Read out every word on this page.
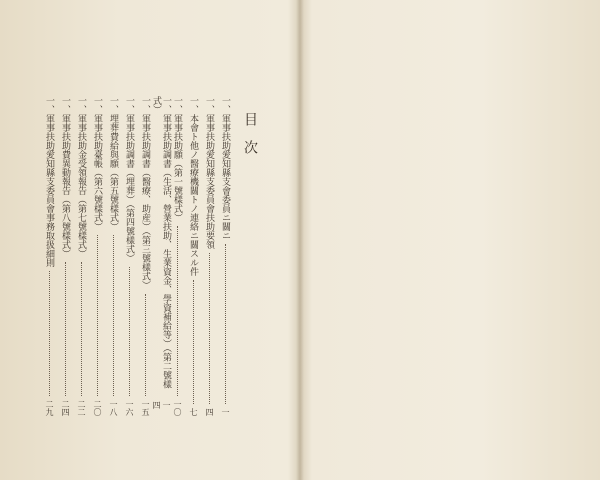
目次
一、軍事扶助愛知縣支會委員ニ關ニ
一
一、軍事扶助愛知縣支委員會扶助要領
四
一、本會ト他ノ醫療機關トノ連絡ニ關スル件
七
一、軍事扶助願（第一號樣式）
一〇
一、軍事扶助調書（生活、營業扶助、生業資金、學資補給等）（第二號樣式）
一四
一、軍事扶助調書（醫療、助産）（第三號樣式）
一五
一、軍事扶助調書（埋葬）（第四號樣式）
一六
一、埋葬費給與願（第五號樣式）
一八
一、軍事扶助臺帳（第六號樣式）
二〇
一、軍事扶助金受領報告（第七號樣式）
二二
一、軍事扶助費異動報告（第八號樣式）
二四
一、軍事扶助愛知縣支委員會事務取扱細則
二九
